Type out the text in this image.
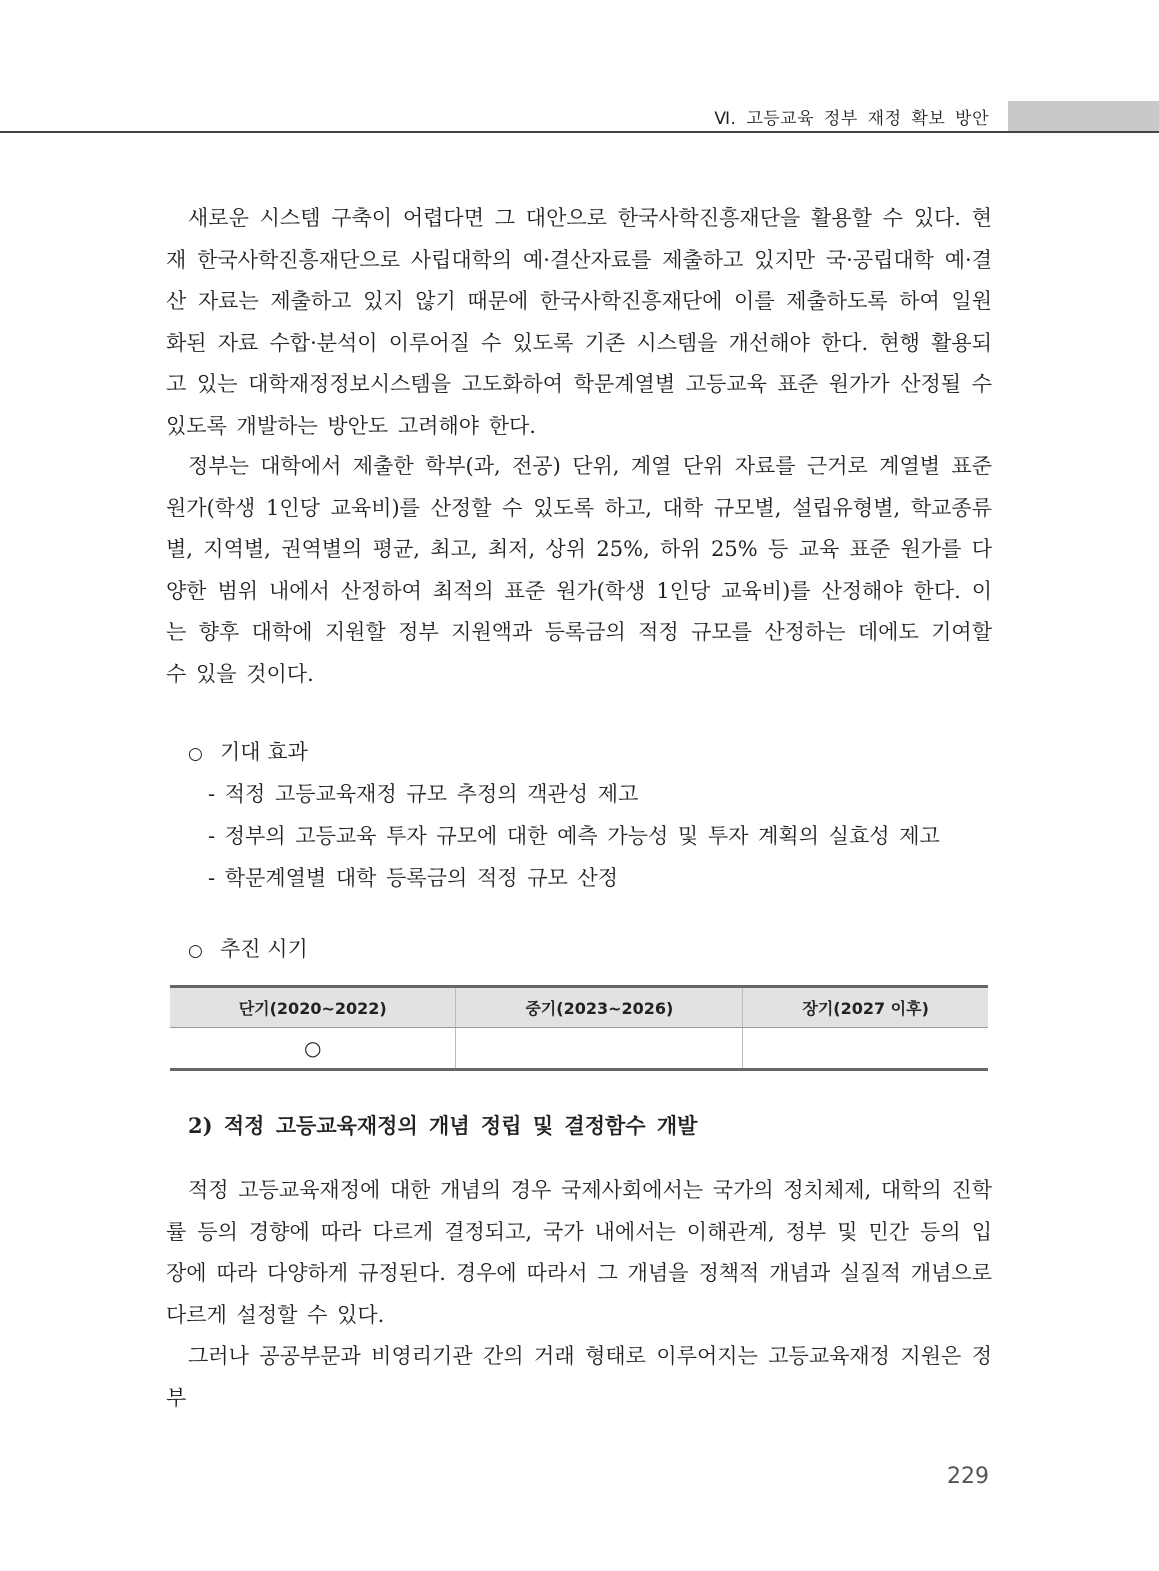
Ⅵ. 고등교육 정부 재정 확보 방안

새로운 시스템 구축이 어렵다면 그 대안으로 한국사학진흥재단을 활용할 수 있다. 현재 한국사학진흥재단으로 사립대학의 예·결산자료를 제출하고 있지만 국·공립대학 예·결산 자료는 제출하고 있지 않기 때문에 한국사학진흥재단에 이를 제출하도록 하여 일원화된 자료 수합·분석이 이루어질 수 있도록 기존 시스템을 개선해야 한다. 현행 활용되고 있는 대학재정정보시스템을 고도화하여 학문계열별 고등교육 표준 원가가 산정될 수 있도록 개발하는 방안도 고려해야 한다.

정부는 대학에서 제출한 학부(과, 전공) 단위, 계열 단위 자료를 근거로 계열별 표준원가(학생 1인당 교육비)를 산정할 수 있도록 하고, 대학 규모별, 설립유형별, 학교종류별, 지역별, 권역별의 평균, 최고, 최저, 상위 25%, 하위 25% 등 교육 표준 원가를 다양한 범위 내에서 산정하여 최적의 표준 원가(학생 1인당 교육비)를 산정해야 한다. 이는 향후 대학에 지원할 정부 지원액과 등록금의 적정 규모를 산정하는 데에도 기여할 수 있을 것이다.

○ 기대 효과
- 적정 고등교육재정 규모 추정의 객관성 제고
- 정부의 고등교육 투자 규모에 대한 예측 가능성 및 투자 계획의 실효성 제고
- 학문계열별 대학 등록금의 적정 규모 산정
○ 추진 시기
단기(2020~2022)	중기(2023~2026)	장기(2027 이후)
○		
2) 적정 고등교육재정의 개념 정립 및 결정함수 개발

적정 고등교육재정에 대한 개념의 경우 국제사회에서는 국가의 정치체제, 대학의 진학률 등의 경향에 따라 다르게 결정되고, 국가 내에서는 이해관계, 정부 및 민간 등의 입장에 따라 다양하게 규정된다. 경우에 따라서 그 개념을 정책적 개념과 실질적 개념으로 다르게 설정할 수 있다.

그러나 공공부문과 비영리기관 간의 거래 형태로 이루어지는 고등교육재정 지원은 정부

229
